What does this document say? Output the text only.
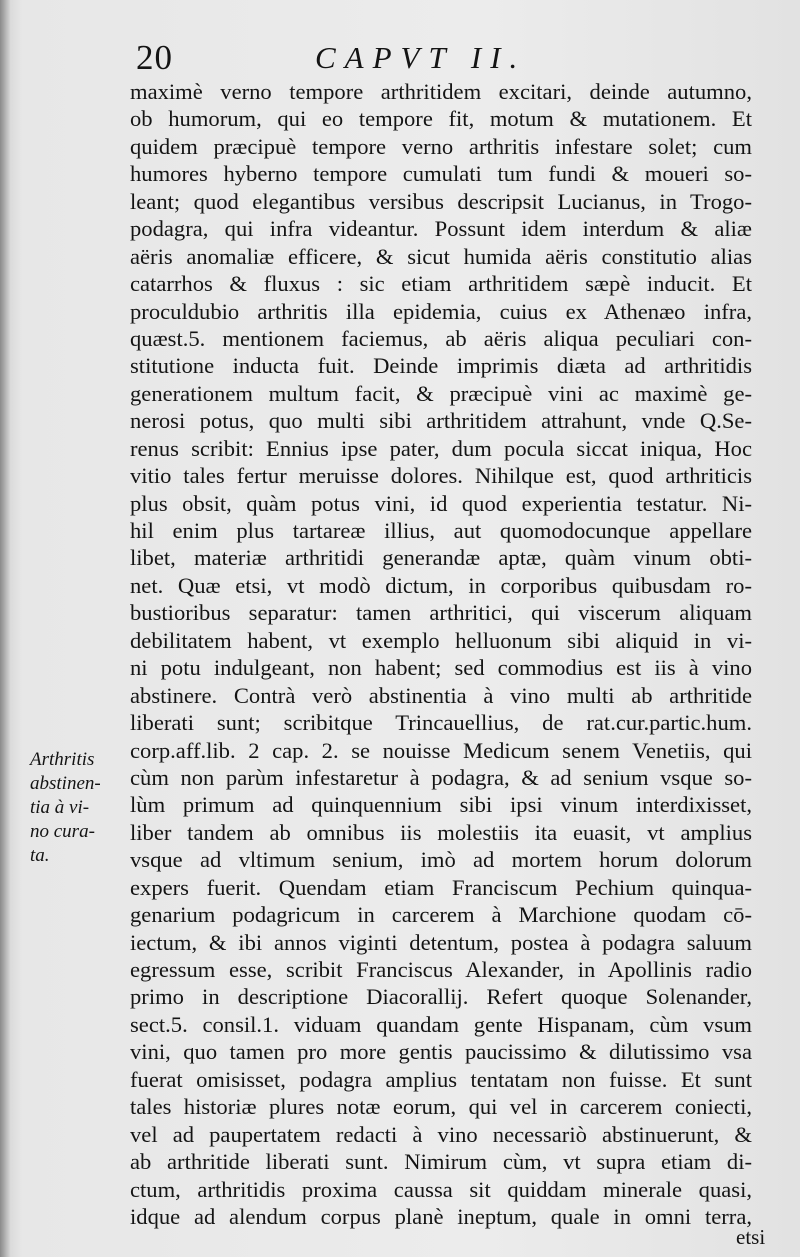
20	CAPVT II.
maximè verno tempore arthritidem excitari, deinde autumno,
ob humorum, qui eo tempore fit, motum & mutationem. Et
quidem præcipuè tempore verno arthritis infestare solet; cum
humores hyberno tempore cumulati tum fundi & moueri so-
leant; quod elegantibus versibus descripsit Lucianus, in Trogo-
podagra, qui infra videantur. Possunt idem interdum & aliæ
aëris anomaliæ efficere, & sicut humida aëris constitutio alias
catarrhos & fluxus : sic etiam arthritidem sæpè inducit. Et
proculdubio arthritis illa epidemia, cuius ex Athenæo infra,
quæst.5. mentionem faciemus, ab aëris aliqua peculiari con-
stitutione inducta fuit. Deinde imprimis diæta ad arthritidis
generationem multum facit, & præcipuè vini ac maximè ge-
nerosi potus, quo multi sibi arthritidem attrahunt, vnde Q.Se-
renus scribit: Ennius ipse pater, dum pocula siccat iniqua, Hoc
vitio tales fertur meruisse dolores. Nihilque est, quod arthriticis
plus obsit, quàm potus vini, id quod experientia testatur. Ni-
hil enim plus tartareæ illius, aut quomodocunque appellare
libet, materiæ arthritidi generandæ aptæ, quàm vinum obti-
net. Quæ etsi, vt modò dictum, in corporibus quibusdam ro-
bustioribus separatur: tamen arthritici, qui viscerum aliquam
debilitatem habent, vt exemplo helluonum sibi aliquid in vi-
ni potu indulgeant, non habent; sed commodius est iis à vino
abstinere. Contrà verò abstinentia à vino multi ab arthritide
liberati sunt; scribitque Trincauellius, de rat.cur.partic.hum.
corp.aff.lib. 2 cap. 2. se nouisse Medicum senem Venetiis, qui
cùm non parùm infestaretur à podagra, & ad senium vsque so-
lùm primum ad quinquennium sibi ipsi vinum interdixisset,
liber tandem ab omnibus iis molestiis ita euasit, vt amplius
vsque ad vltimum senium, imò ad mortem horum dolorum
expers fuerit. Quendam etiam Franciscum Pechium quinqua-
genarium podagricum in carcerem à Marchione quodam cō-
iectum, & ibi annos viginti detentum, postea à podagra saluum
egressum esse, scribit Franciscus Alexander, in Apollinis radio
primo in descriptione Diacorallij. Refert quoque Solenander,
sect.5. consil.1. viduam quandam gente Hispanam, cùm vsum
vini, quo tamen pro more gentis paucissimo & dilutissimo vsa
fuerat omisisset, podagra amplius tentatam non fuisse. Et sunt
tales historiæ plures notæ eorum, qui vel in carcerem coniecti,
vel ad paupertatem redacti à vino necessariò abstinuerunt, &
ab arthritide liberati sunt. Nimirum cùm, vt supra etiam di-
ctum, arthritidis proxima caussa sit quiddam minerale quasi,
idque ad alendum corpus planè ineptum, quale in omni terra,
Arthritis
abstinen-
tia à vi-
no cura-
ta.
etsi
